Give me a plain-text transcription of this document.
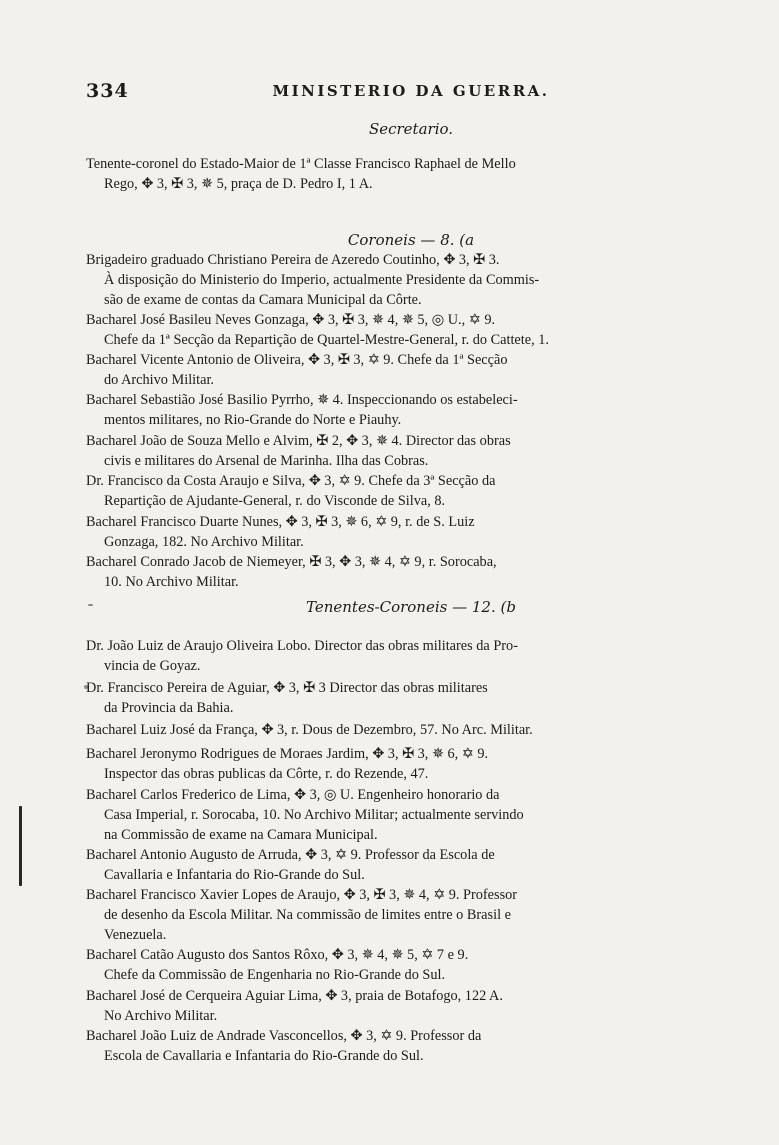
334	MINISTERIO DA GUERRA.
Secretario.
Tenente-coronel do Estado-Maior de 1ª Classe Francisco Raphael de Mello
Rego, ✥ 3, ✠ 3, ✵ 5, praça de D. Pedro I, 1 A.
Coroneis — 8. (a
Brigadeiro graduado Christiano Pereira de Azeredo Coutinho, ✥ 3, ✠ 3.
À disposição do Ministerio do Imperio, actualmente Presidente da Commis-
são de exame de contas da Camara Municipal da Côrte.
Bacharel José Basileu Neves Gonzaga, ✥ 3, ✠ 3, ✵ 4, ✵ 5, ◎ U., ✡ 9.
Chefe da 1ª Secção da Repartição de Quartel-Mestre-General, r. do Cattete, 1.
Bacharel Vicente Antonio de Oliveira, ✥ 3, ✠ 3, ✡ 9. Chefe da 1ª Secção
do Archivo Militar.
Bacharel Sebastião José Basilio Pyrrho, ✵ 4. Inspeccionando os estabeleci-
mentos militares, no Rio-Grande do Norte e Piauhy.
Bacharel João de Souza Mello e Alvim, ✠ 2, ✥ 3, ✵ 4. Director das obras
civis e militares do Arsenal de Marinha. Ilha das Cobras.
Dr. Francisco da Costa Araujo e Silva, ✥ 3, ✡ 9. Chefe da 3ª Secção da
Repartição de Ajudante-General, r. do Visconde de Silva, 8.
Bacharel Francisco Duarte Nunes, ✥ 3, ✠ 3, ✵ 6, ✡ 9, r. de S. Luiz
Gonzaga, 182. No Archivo Militar.
Bacharel Conrado Jacob de Niemeyer, ✠ 3, ✥ 3, ✵ 4, ✡ 9, r. Sorocaba,
10. No Archivo Militar.
Tenentes-Coroneis — 12. (b
Dr. João Luiz de Araujo Oliveira Lobo. Director das obras militares da Pro-
vincia de Goyaz.
Dr. Francisco Pereira de Aguiar, ✥ 3, ✠ 3 Director das obras militares
da Provincia da Bahia.
Bacharel Luiz José da França, ✥ 3, r. Dous de Dezembro, 57. No Arc. Militar.
Bacharel Jeronymo Rodrigues de Moraes Jardim, ✥ 3, ✠ 3, ✵ 6, ✡ 9.
Inspector das obras publicas da Côrte, r. do Rezende, 47.
Bacharel Carlos Frederico de Lima, ✥ 3, ◎ U. Engenheiro honorario da
Casa Imperial, r. Sorocaba, 10. No Archivo Militar; actualmente servindo
na Commissão de exame na Camara Municipal.
Bacharel Antonio Augusto de Arruda, ✥ 3, ✡ 9. Professor da Escola de
Cavallaria e Infantaria do Rio-Grande do Sul.
Bacharel Francisco Xavier Lopes de Araujo, ✥ 3, ✠ 3, ✵ 4, ✡ 9. Professor
de desenho da Escola Militar. Na commissão de limites entre o Brasil e
Venezuela.
Bacharel Catão Augusto dos Santos Rôxo, ✥ 3, ✵ 4, ✵ 5, ✡ 7 e 9.
Chefe da Commissão de Engenharia no Rio-Grande do Sul.
Bacharel José de Cerqueira Aguiar Lima, ✥ 3, praia de Botafogo, 122 A.
No Archivo Militar.
Bacharel João Luiz de Andrade Vasconcellos, ✥ 3, ✡ 9. Professor da
Escola de Cavallaria e Infantaria do Rio-Grande do Sul.
